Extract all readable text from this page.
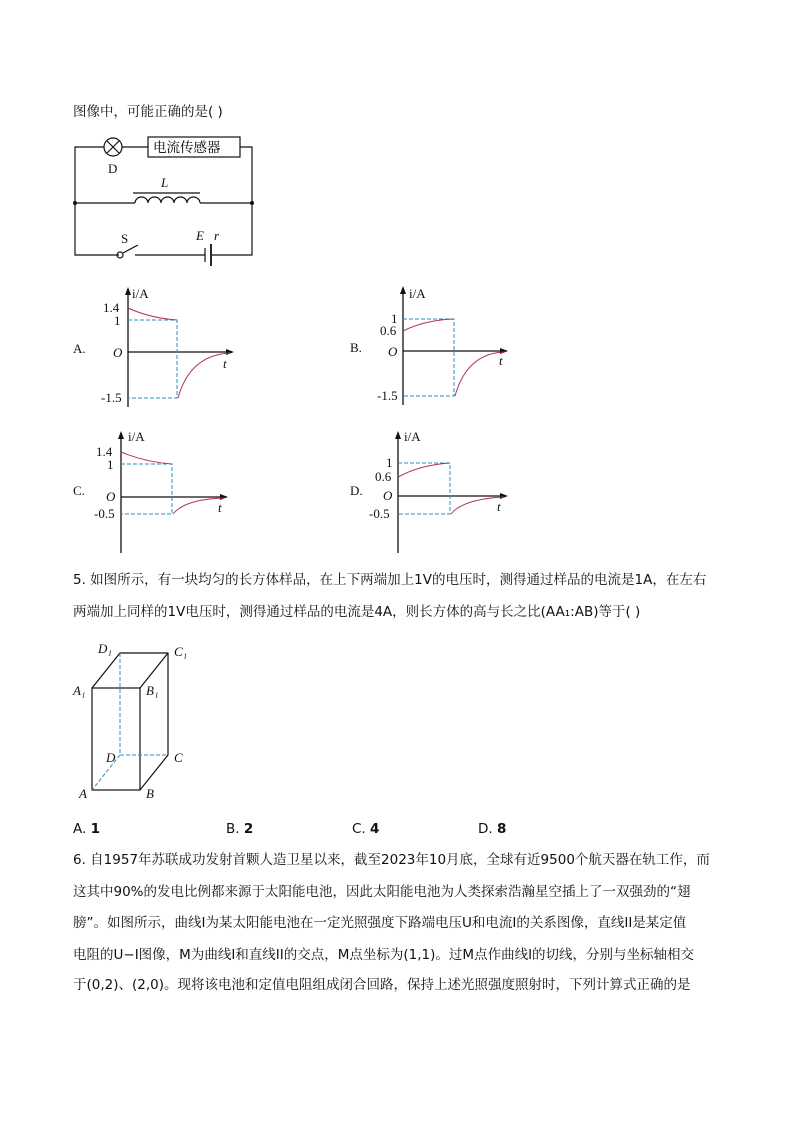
图像中，可能正确的是( )
电流传感器
D
L
S	E r
A.
i/A
t
O
1.4
1
-1.5
B.
i/A
t
O
1
0.6
-1.5
C.
i/A
t
O
1.4
1
-0.5
D.
i/A
t
O
1
0.6
-0.5
D₁	C₁
A₁	B₁
D	C
A	B
5. 如图所示，有一块均匀的长方体样品，在上下两端加上1V的电压时，测得通过样品的电流是1A，在左右
两端加上同样的1V电压时，测得通过样品的电流是4A，则长方体的高与长之比(AA₁:AB)等于( )
A. 1	B. 2	C. 4	D. 8
6. 自1957年苏联成功发射首颗人造卫星以来，截至2023年10月底，全球有近9500个航天器在轨工作，而
这其中90%的发电比例都来源于太阳能电池，因此太阳能电池为人类探索浩瀚星空插上了一双强劲的“翅
膀”。如图所示，曲线I为某太阳能电池在一定光照强度下路端电压U和电流I的关系图像，直线II是某定值
电阻的U−I图像，M为曲线I和直线II的交点，M点坐标为(1,1)。过M点作曲线I的切线，分别与坐标轴相交
于(0,2)、(2,0)。现将该电池和定值电阻组成闭合回路，保持上述光照强度照射时，下列计算式正确的是
